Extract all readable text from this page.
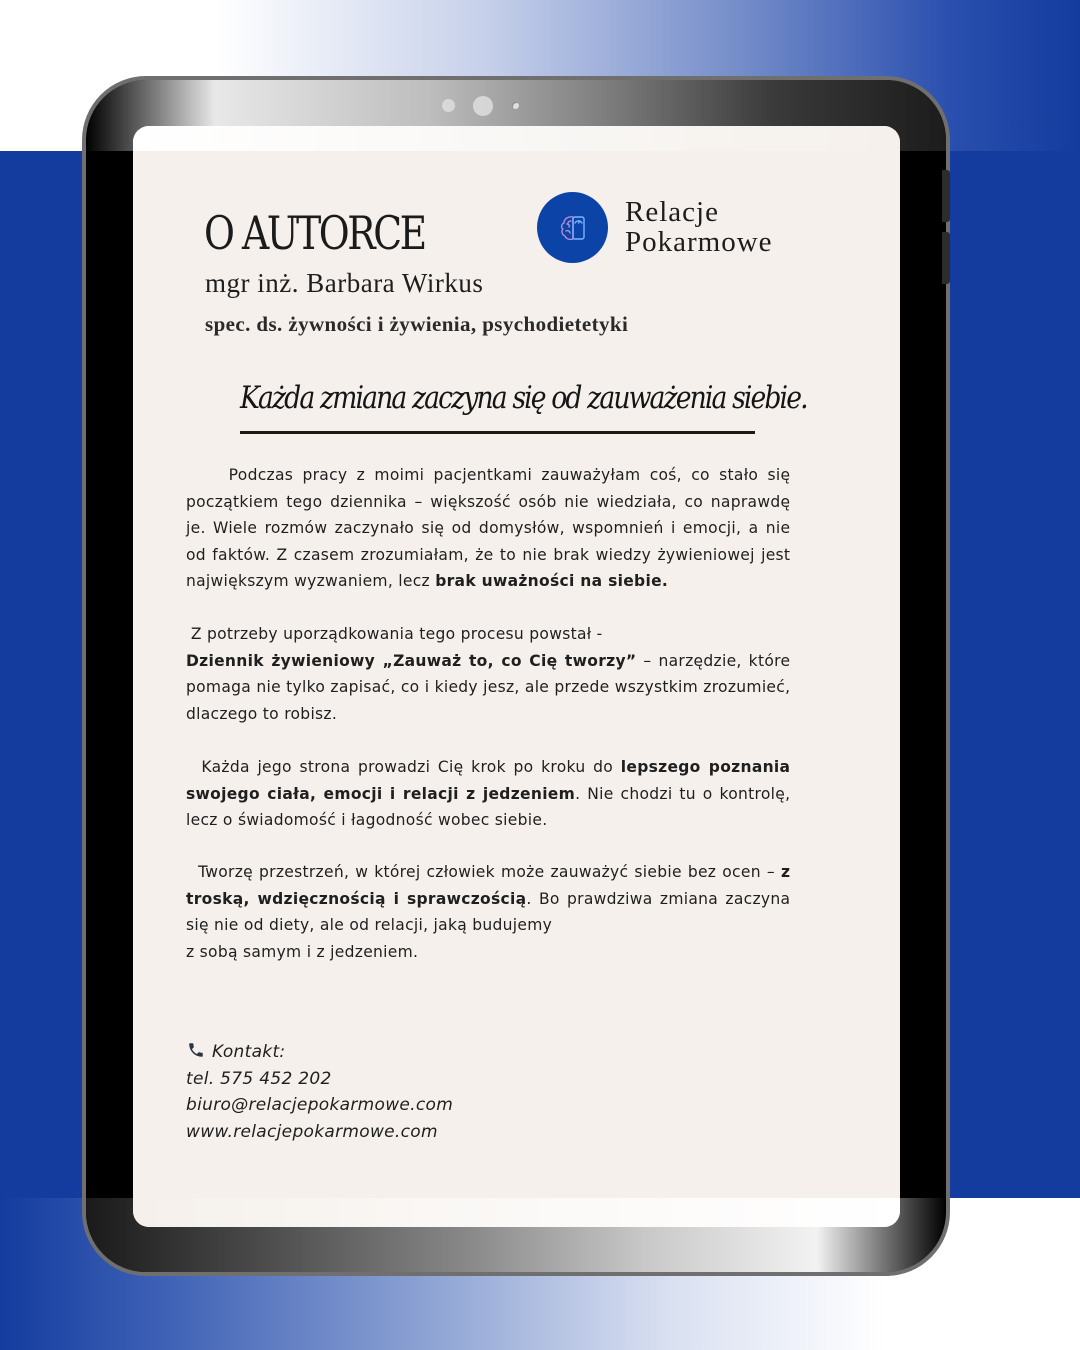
O AUTORCE
mgr inż. Barbara Wirkus
spec. ds. żywności i żywienia, psychodietetyki
Relacje
Pokarmowe
Każda zmiana zaczyna się od zauważenia siebie.
Podczas pracy z moimi pacjentkami zauważyłam coś, co stało się początkiem tego dziennika – większość osób nie wiedziała, co naprawdę je. Wiele rozmów zaczynało się od domysłów, wspomnień i emocji, a nie od faktów. Z czasem zrozumiałam, że to nie brak wiedzy żywieniowej jest największym wyzwaniem, lecz brak uważności na siebie.
Z potrzeby uporządkowania tego procesu powstał -
Dziennik żywieniowy „Zauważ to, co Cię tworzy” – narzędzie, które pomaga nie tylko zapisać, co i kiedy jesz, ale przede wszystkim zrozumieć, dlaczego to robisz.
Każda jego strona prowadzi Cię krok po kroku do lepszego poznania swojego ciała, emocji i relacji z jedzeniem. Nie chodzi tu o kontrolę, lecz o świadomość i łagodność wobec siebie.
Tworzę przestrzeń, w której człowiek może zauważyć siebie bez ocen – z troską, wdzięcznością i sprawczością. Bo prawdziwa zmiana zaczyna się nie od diety, ale od relacji, jaką budujemy
z sobą samym i z jedzeniem.
Kontakt:
tel. 575 452 202
biuro@relacjepokarmowe.com
www.relacjepokarmowe.com
